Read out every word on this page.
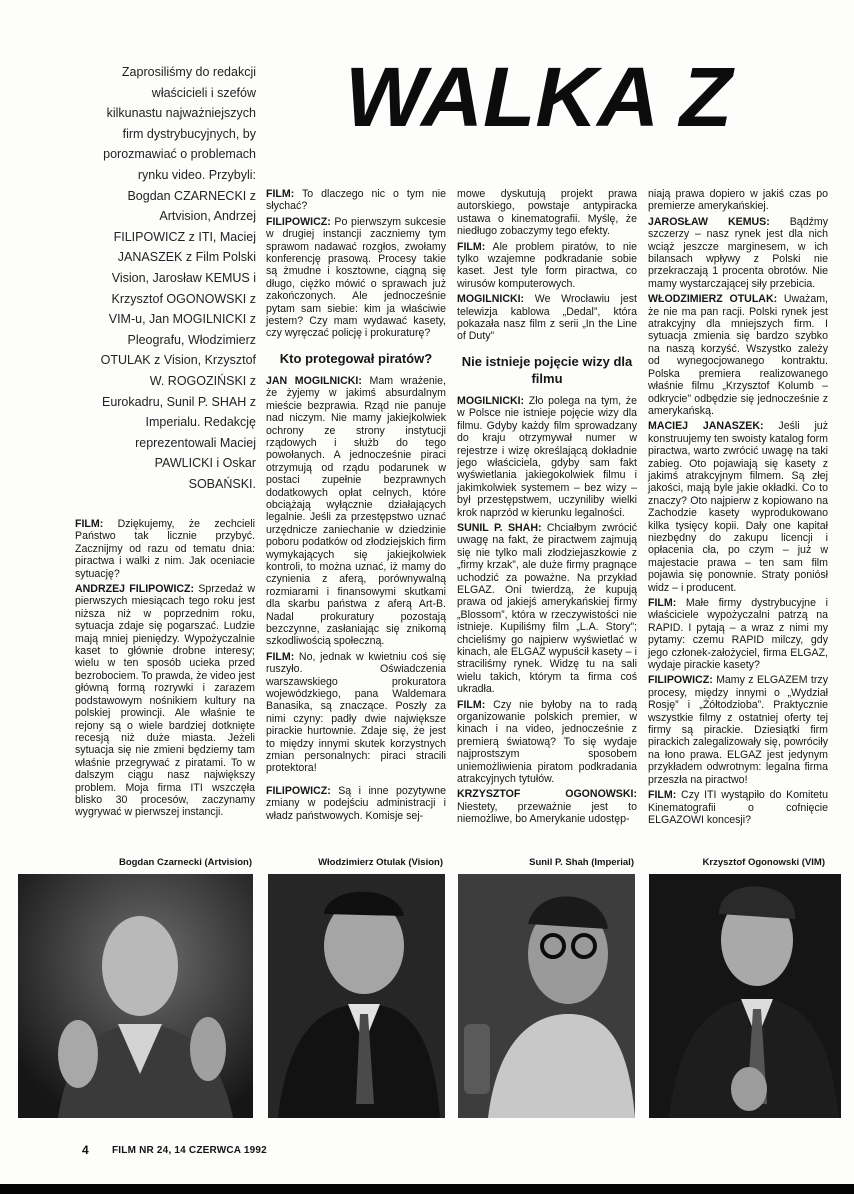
Zaprosiliśmy do redakcji właścicieli i szefów kilkunastu najważniejszych firm dystrybucyjnych, by porozmawiać o problemach rynku video. Przybyli: Bogdan CZARNECKI z Artvision, Andrzej FILIPOWICZ z ITI, Maciej JANASZEK z Film Polski Vision, Jarosław KEMUS i Krzysztof OGONOWSKI z VIM-u, Jan MOGILNICKI z Pleografu, Włodzimierz OTULAK z Vision, Krzysztof W. ROGOZIŃSKI z Eurokadru, Sunil P. SHAH z Imperialu. Redakcję reprezentowali Maciej PAWLICKI i Oskar SOBAŃSKI.
WALKA Z

FILM: Dziękujemy, że zechcieli Państwo tak licznie przybyć. Zacznijmy od razu od tematu dnia: piractwa i walki z nim. Jak oceniacie sytuację?

ANDRZEJ FILIPOWICZ: Sprzedaż w pierwszych miesiącach tego roku jest niższa niż w poprzednim roku, sytuacja zdaje się pogarszać. Ludzie mają mniej pieniędzy. Wypożyczalnie kaset to głównie drobne interesy; wielu w ten sposób ucieka przed bezrobociem. To prawda, że video jest główną formą rozrywki i zarazem podstawowym nośnikiem kultury na polskiej prowincji. Ale właśnie te rejony są o wiele bardziej dotknięte recesją niż duże miasta. Jeżeli sytuacja się nie zmieni będziemy tam właśnie przegrywać z piratami. To w dalszym ciągu nasz największy problem. Moja firma ITI wszczęła blisko 30 procesów, zaczynamy wygrywać w pierwszej instancji.

FILM: To dlaczego nic o tym nie słychać?

FILIPOWICZ: Po pierwszym sukcesie w drugiej instancji zaczniemy tym sprawom nadawać rozgłos, zwołamy konferencję prasową. Procesy takie są żmudne i kosztowne, ciągną się długo, ciężko mówić o sprawach już zakończonych. Ale jednocześnie pytam sam siebie: kim ja właściwie jestem? Czy mam wydawać kasety, czy wyręczać policję i prokuraturę?

Kto protegował piratów?

JAN MOGILNICKI: Mam wrażenie, że żyjemy w jakimś absurdalnym mieście bezprawia. Rząd nie panuje nad niczym. Nie mamy jakiejkolwiek ochrony ze strony instytucji rządowych i służb do tego powołanych. A jednocześnie piraci otrzymują od rządu podarunek w postaci zupełnie bezprawnych dodatkowych opłat celnych, które obciążają wyłącznie działających legalnie. Jeśli za przestępstwo uznać urzędnicze zaniechanie w dziedzinie poboru podatków od złodziejskich firm wymykających się jakiejkolwiek kontroli, to można uznać, iż mamy do czynienia z aferą, porównywalną rozmiarami i finansowymi skutkami dla skarbu państwa z aferą Art-B. Nadal prokuratury pozostają bezczynne, zasłaniając się znikomą szkodliwością społeczną.

FILM: No, jednak w kwietniu coś się ruszyło. Oświadczenia warszawskiego prokuratora wojewódzkiego, pana Waldemara Banasika, są znaczące. Poszły za nimi czyny: padły dwie największe pirackie hurtownie. Zdaje się, że jest to między innymi skutek korzystnych zmian personalnych: piraci stracili protektora!

FILIPOWICZ: Są i inne pozytywne zmiany w podejściu administracji i władz państwowych. Komisje sej-

mowe dyskutują projekt prawa autorskiego, powstaje antypiracka ustawa o kinematografii. Myślę, że niedługo zobaczymy tego efekty.

FILM: Ale problem piratów, to nie tylko wzajemne podkradanie sobie kaset. Jest tyle form piractwa, co wirusów komputerowych.

MOGILNICKI: We Wrocławiu jest telewizja kablowa „Dedal”, która pokazała nasz film z serii „In the Line of Duty”

Nie istnieje pojęcie wizy dla filmu

MOGILNICKI: Zło polega na tym, że w Polsce nie istnieje pojęcie wizy dla filmu. Gdyby każdy film sprowadzany do kraju otrzymywał numer w rejestrze i wizę określającą dokładnie jego właściciela, gdyby sam fakt wyświetlania jakiegokolwiek filmu i jakimkolwiek systemem – bez wizy – był przestępstwem, uczyniliby wielki krok naprzód w kierunku legalności.

SUNIL P. SHAH: Chciałbym zwrócić uwagę na fakt, że piractwem zajmują się nie tylko mali złodziejaszkowie z „firmy krzak”, ale duże firmy pragnące uchodzić za poważne. Na przykład ELGAZ. Oni twierdzą, że kupują prawa od jakiejś amerykańskiej firmy „Blossom”, która w rzeczywistości nie istnieje. Kupiliśmy film „L.A. Story”; chcieliśmy go najpierw wyświetlać w kinach, ale ELGAZ wypuścił kasety – i straciliśmy rynek. Widzę tu na sali wielu takich, którym ta firma coś ukradła.

FILM: Czy nie byłoby na to radą organizowanie polskich premier, w kinach i na video, jednocześnie z premierą światową? To się wydaje najprostszym sposobem uniemożliwienia piratom podkradania atrakcyjnych tytułów.

KRZYSZTOF OGONOWSKI: Niestety, przeważnie jest to niemożliwe, bo Amerykanie udostęp-

niają prawa dopiero w jakiś czas po premierze amerykańskiej.

JAROSŁAW KEMUS: Bądźmy szczerzy – nasz rynek jest dla nich wciąż jeszcze marginesem, w ich bilansach wpływy z Polski nie przekraczają 1 procenta obrotów. Nie mamy wystarczającej siły przebicia.

WŁODZIMIERZ OTULAK: Uważam, że nie ma pan racji. Polski rynek jest atrakcyjny dla mniejszych firm. I sytuacja zmienia się bardzo szybko na naszą korzyść. Wszystko zależy od wynegocjowanego kontraktu. Polska premiera realizowanego właśnie filmu „Krzysztof Kolumb – odkrycie” odbędzie się jednocześnie z amerykańską.

MACIEJ JANASZEK: Jeśli już konstruujemy ten swoisty katalog form piractwa, warto zwrócić uwagę na taki zabieg. Oto pojawiają się kasety z jakimś atrakcyjnym filmem. Są złej jakości, mają byle jakie okładki. Co to znaczy? Oto najpierw z kopiowano na Zachodzie kasety wyprodukowano kilka tysięcy kopii. Dały one kapitał niezbędny do zakupu licencji i opłacenia cła, po czym – już w majestacie prawa – ten sam film pojawia się ponownie. Straty poniósł widz – i producent.

FILM: Małe firmy dystrybucyjne i właściciele wypożyczalni patrzą na RAPID. I pytają – a wraz z nimi my pytamy: czemu RAPID milczy, gdy jego członek-założyciel, firma ELGAZ, wydaje pirackie kasety?

FILIPOWICZ: Mamy z ELGAZEM trzy procesy, między innymi o „Wydział Rosję” i „Żółtodzioba”. Praktycznie wszystkie filmy z ostatniej oferty tej firmy są pirackie. Dziesiątki firm pirackich zalegalizowały się, powróciły na łono prawa. ELGAZ jest jedynym przykładem odwrotnym: legalna firma przeszła na piractwo!

FILM: Czy ITI wystąpiło do Komitetu Kinematografii o cofnięcie ELGAZOWI koncesji?

Bogdan Czarnecki (Artvision)	Włodzimierz Otulak (Vision)	Sunil P. Shah (Imperial)	Krzysztof Ogonowski (VIM)
4 FILM NR 24, 14 CZERWCA 1992
